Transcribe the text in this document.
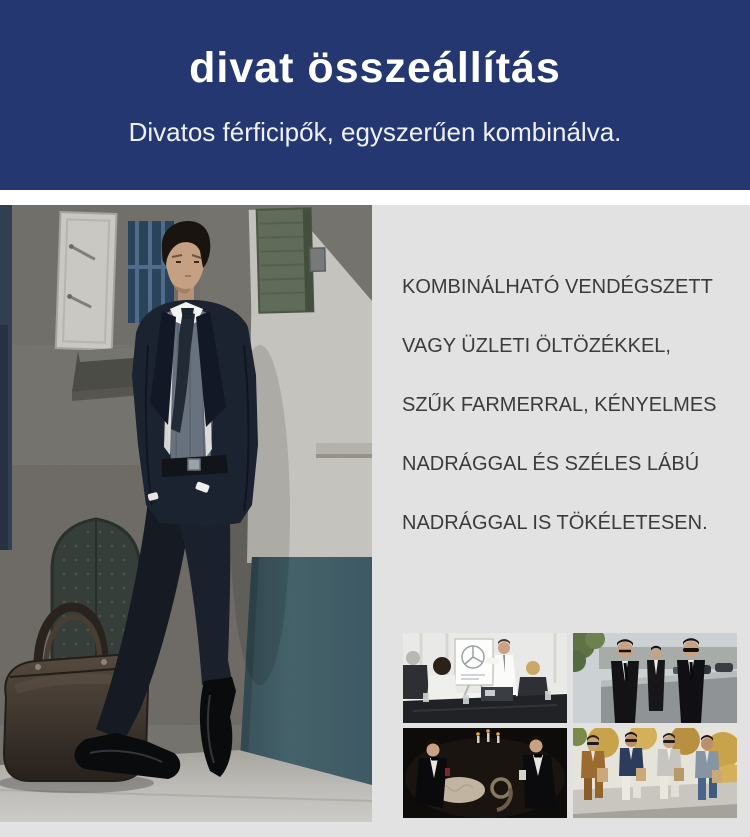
divat összeállítás

Divatos férficipők, egyszerűen kombinálva.

KOMBINÁLHATÓ VENDÉGSZETT
VAGY ÜZLETI ÖLTÖZÉKKEL,
SZŰK FARMERRAL, KÉNYELMES
NADRÁGGAL ÉS SZÉLES LÁBÚ
NADRÁGGAL IS TÖKÉLETESEN.
